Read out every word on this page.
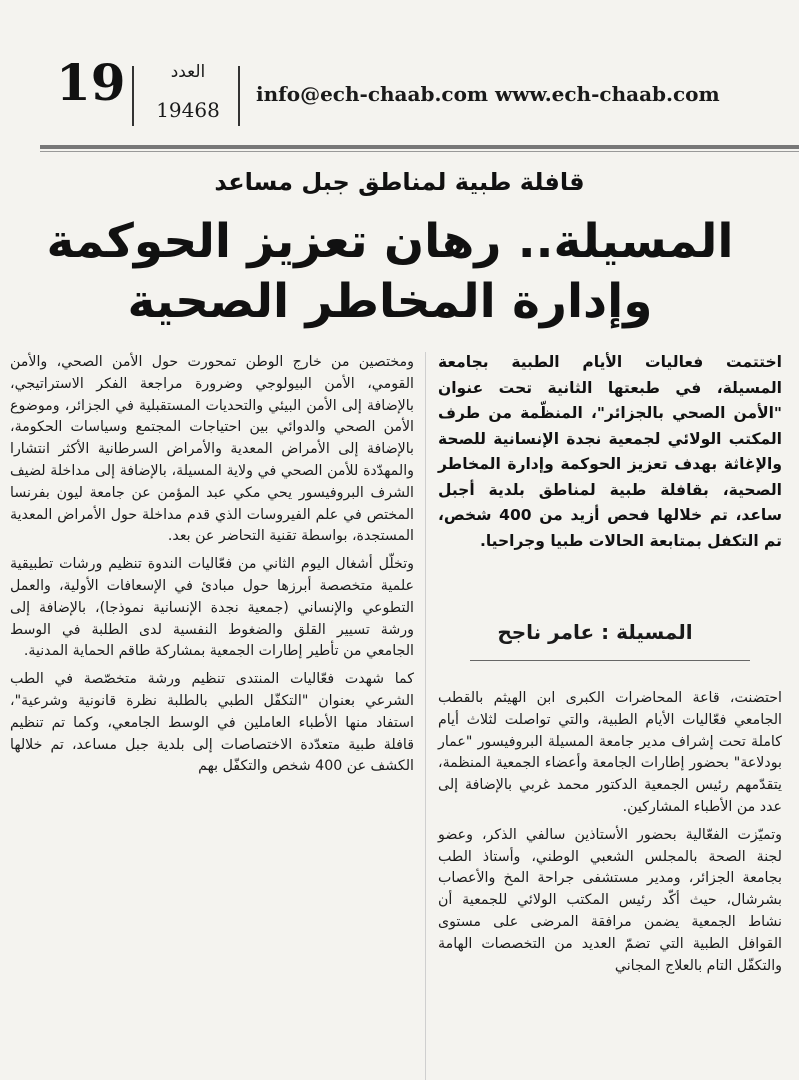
19	العدد
19468
info@ech-chaab.com www.ech-chaab.com
قافلة طبية لمناطق جبل مساعد
المسيلة.. رهان تعزيز الحوكمة
وإدارة المخاطر الصحية
اختتمت فعاليات الأيام الطبية بجامعة المسيلة، في طبعتها الثانية تحت عنوان "الأمن الصحي بالجزائر"، المنظّمة من طرف المكتب الولائي لجمعية نجدة الإنسانية للصحة والإغاثة بهدف تعزيز الحوكمة وإدارة المخاطر الصحية، بقافلة طبية لمناطق بلدية أجبل ساعد، تم خلالها فحص أزيد من 400 شخص، تم التكفل بمتابعة الحالات طبيا وجراحيا.
المسيلة : عامر ناجح

احتضنت، قاعة المحاضرات الكبرى ابن الهيثم بالقطب الجامعي فعّاليات الأيام الطبية، والتي تواصلت لثلاث أيام كاملة تحت إشراف مدير جامعة المسيلة البروفيسور "عمار بودلاعة" بحضور إطارات الجامعة وأعضاء الجمعية المنظمة، يتقدّمهم رئيس الجمعية الدكتور محمد غربي بالإضافة إلى عدد من الأطباء المشاركين.

وتميّزت الفعّالية بحضور الأستاذين سالفي الذكر، وعضو لجنة الصحة بالمجلس الشعبي الوطني، وأستاذ الطب بجامعة الجزائر، ومدير مستشفى جراحة المخ والأعصاب بشرشال، حيث أكّد رئيس المكتب الولائي للجمعية أن نشاط الجمعية يضمن مرافقة المرضى على مستوى القوافل الطبية التي تضمّ العديد من التخصصات الهامة والتكفّل التام بالعلاج المجاني

ومختصين من خارج الوطن تمحورت حول الأمن الصحي، والأمن القومي، الأمن البيولوجي وضرورة مراجعة الفكر الاستراتيجي، بالإضافة إلى الأمن البيئي والتحديات المستقبلية في الجزائر، وموضوع الأمن الصحي والدوائي بين احتياجات المجتمع وسياسات الحكومة، بالإضافة إلى الأمراض المعدية والأمراض السرطانية الأكثر انتشارا والمهدّدة للأمن الصحي في ولاية المسيلة، بالإضافة إلى مداخلة لضيف الشرف البروفيسور يحي مكي عبد المؤمن عن جامعة ليون بفرنسا المختص في علم الفيروسات الذي قدم مداخلة حول الأمراض المعدية المستجدة، بواسطة تقنية التحاضر عن بعد.

وتخلّل أشغال اليوم الثاني من فعّاليات الندوة تنظيم ورشات تطبيقية علمية متخصصة أبرزها حول مبادئ في الإسعافات الأولية، والعمل التطوعي والإنساني (جمعية نجدة الإنسانية نموذجا)، بالإضافة إلى ورشة تسيير القلق والضغوط النفسية لدى الطلبة في الوسط الجامعي من تأطير إطارات الجمعية بمشاركة طاقم الحماية المدنية.

كما شهدت فعّاليات المنتدى تنظيم ورشة متخصّصة في الطب الشرعي بعنوان "التكفّل الطبي بالطلبة نظرة قانونية وشرعية"، استفاد منها الأطباء العاملين في الوسط الجامعي، وكما تم تنظيم قافلة طبية متعدّدة الاختصاصات إلى بلدية جبل مساعد، تم خلالها الكشف عن 400 شخص والتكفّل بهم
